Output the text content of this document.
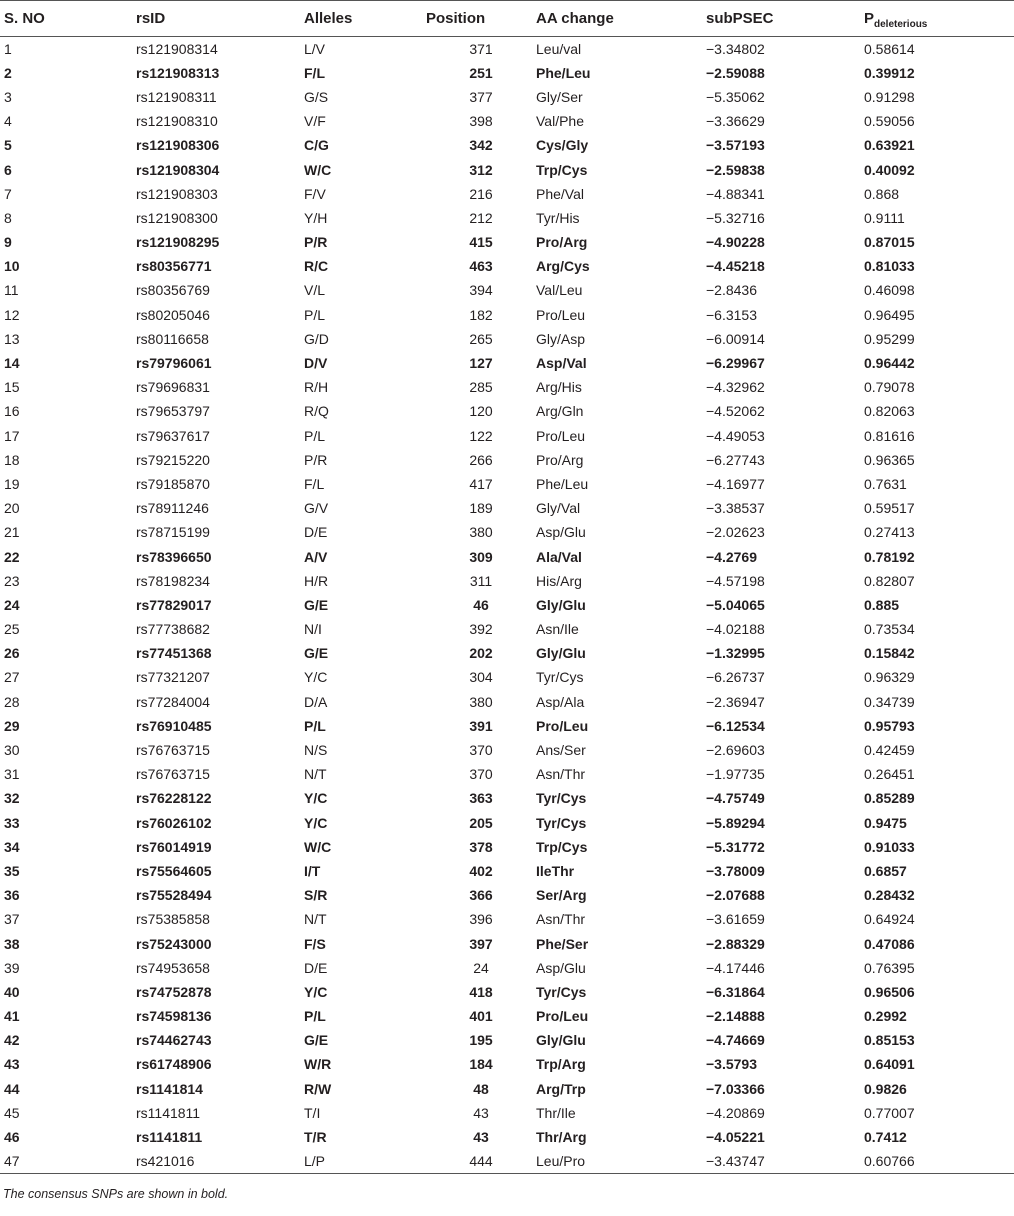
S. NO	rsID	Alleles	Position	AA change	subPSEC	$P_{deleterious}$
1	rs121908314	L/V	371	Leu/val	−3.34802	0.58614
2	rs121908313	F/L	251	Phe/Leu	−2.59088	0.39912
3	rs121908311	G/S	377	Gly/Ser	−5.35062	0.91298
4	rs121908310	V/F	398	Val/Phe	−3.36629	0.59056
5	rs121908306	C/G	342	Cys/Gly	−3.57193	0.63921
6	rs121908304	W/C	312	Trp/Cys	−2.59838	0.40092
7	rs121908303	F/V	216	Phe/Val	−4.88341	0.868
8	rs121908300	Y/H	212	Tyr/His	−5.32716	0.9111
9	rs121908295	P/R	415	Pro/Arg	−4.90228	0.87015
10	rs80356771	R/C	463	Arg/Cys	−4.45218	0.81033
11	rs80356769	V/L	394	Val/Leu	−2.8436	0.46098
12	rs80205046	P/L	182	Pro/Leu	−6.3153	0.96495
13	rs80116658	G/D	265	Gly/Asp	−6.00914	0.95299
14	rs79796061	D/V	127	Asp/Val	−6.29967	0.96442
15	rs79696831	R/H	285	Arg/His	−4.32962	0.79078
16	rs79653797	R/Q	120	Arg/Gln	−4.52062	0.82063
17	rs79637617	P/L	122	Pro/Leu	−4.49053	0.81616
18	rs79215220	P/R	266	Pro/Arg	−6.27743	0.96365
19	rs79185870	F/L	417	Phe/Leu	−4.16977	0.7631
20	rs78911246	G/V	189	Gly/Val	−3.38537	0.59517
21	rs78715199	D/E	380	Asp/Glu	−2.02623	0.27413
22	rs78396650	A/V	309	Ala/Val	−4.2769	0.78192
23	rs78198234	H/R	311	His/Arg	−4.57198	0.82807
24	rs77829017	G/E	46	Gly/Glu	−5.04065	0.885
25	rs77738682	N/I	392	Asn/Ile	−4.02188	0.73534
26	rs77451368	G/E	202	Gly/Glu	−1.32995	0.15842
27	rs77321207	Y/C	304	Tyr/Cys	−6.26737	0.96329
28	rs77284004	D/A	380	Asp/Ala	−2.36947	0.34739
29	rs76910485	P/L	391	Pro/Leu	−6.12534	0.95793
30	rs76763715	N/S	370	Ans/Ser	−2.69603	0.42459
31	rs76763715	N/T	370	Asn/Thr	−1.97735	0.26451
32	rs76228122	Y/C	363	Tyr/Cys	−4.75749	0.85289
33	rs76026102	Y/C	205	Tyr/Cys	−5.89294	0.9475
34	rs76014919	W/C	378	Trp/Cys	−5.31772	0.91033
35	rs75564605	I/T	402	IleThr	−3.78009	0.6857
36	rs75528494	S/R	366	Ser/Arg	−2.07688	0.28432
37	rs75385858	N/T	396	Asn/Thr	−3.61659	0.64924
38	rs75243000	F/S	397	Phe/Ser	−2.88329	0.47086
39	rs74953658	D/E	24	Asp/Glu	−4.17446	0.76395
40	rs74752878	Y/C	418	Tyr/Cys	−6.31864	0.96506
41	rs74598136	P/L	401	Pro/Leu	−2.14888	0.2992
42	rs74462743	G/E	195	Gly/Glu	−4.74669	0.85153
43	rs61748906	W/R	184	Trp/Arg	−3.5793	0.64091
44	rs1141814	R/W	48	Arg/Trp	−7.03366	0.9826
45	rs1141811	T/I	43	Thr/Ile	−4.20869	0.77007
46	rs1141811	T/R	43	Thr/Arg	−4.05221	0.7412
47	rs421016	L/P	444	Leu/Pro	−3.43747	0.60766
The consensus SNPs are shown in bold.
